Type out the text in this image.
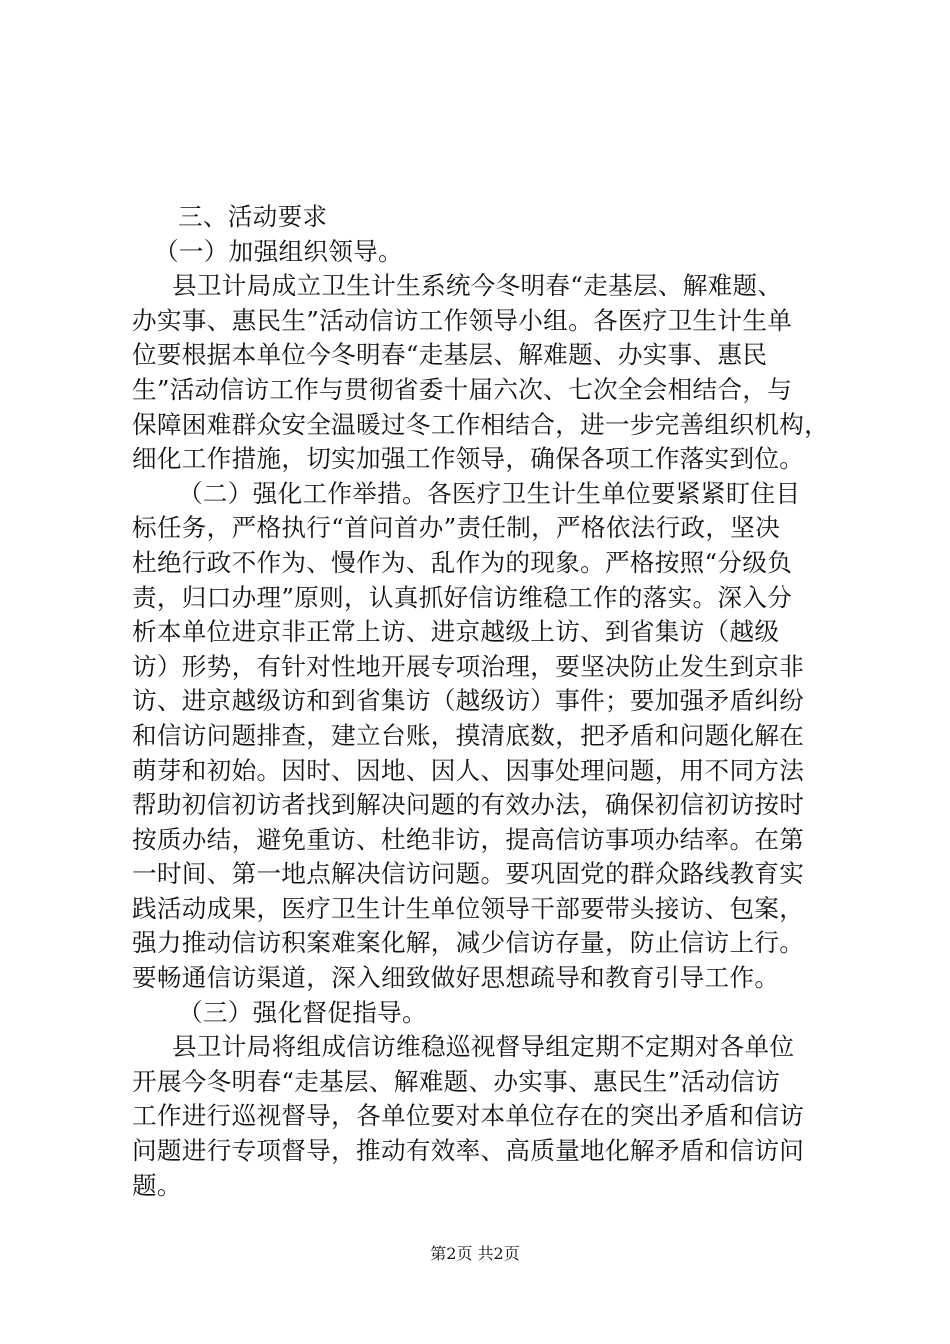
三、活动要求
（一）加强组织领导。
县卫计局成立卫生计生系统今冬明春“走基层、解难题、
办实事、惠民生”活动信访工作领导小组。各医疗卫生计生单
位要根据本单位今冬明春“走基层、解难题、办实事、惠民
生”活动信访工作与贯彻省委十届六次、七次全会相结合，与
保障困难群众安全温暖过冬工作相结合，进一步完善组织机构，
细化工作措施，切实加强工作领导，确保各项工作落实到位。
（二）强化工作举措。各医疗卫生计生单位要紧紧盯住目
标任务，严格执行“首问首办”责任制，严格依法行政，坚决
杜绝行政不作为、慢作为、乱作为的现象。严格按照“分级负
责，归口办理”原则，认真抓好信访维稳工作的落实。深入分
析本单位进京非正常上访、进京越级上访、到省集访（越级
访）形势，有针对性地开展专项治理，要坚决防止发生到京非
访、进京越级访和到省集访（越级访）事件；要加强矛盾纠纷
和信访问题排查，建立台账，摸清底数，把矛盾和问题化解在
萌芽和初始。因时、因地、因人、因事处理问题，用不同方法
帮助初信初访者找到解决问题的有效办法，确保初信初访按时
按质办结，避免重访、杜绝非访，提高信访事项办结率。在第
一时间、第一地点解决信访问题。要巩固党的群众路线教育实
践活动成果，医疗卫生计生单位领导干部要带头接访、包案，
强力推动信访积案难案化解，减少信访存量，防止信访上行。
要畅通信访渠道，深入细致做好思想疏导和教育引导工作。
（三）强化督促指导。
县卫计局将组成信访维稳巡视督导组定期不定期对各单位
开展今冬明春“走基层、解难题、办实事、惠民生”活动信访
工作进行巡视督导，各单位要对本单位存在的突出矛盾和信访
问题进行专项督导，推动有效率、高质量地化解矛盾和信访问
题。
第2页 共2页
